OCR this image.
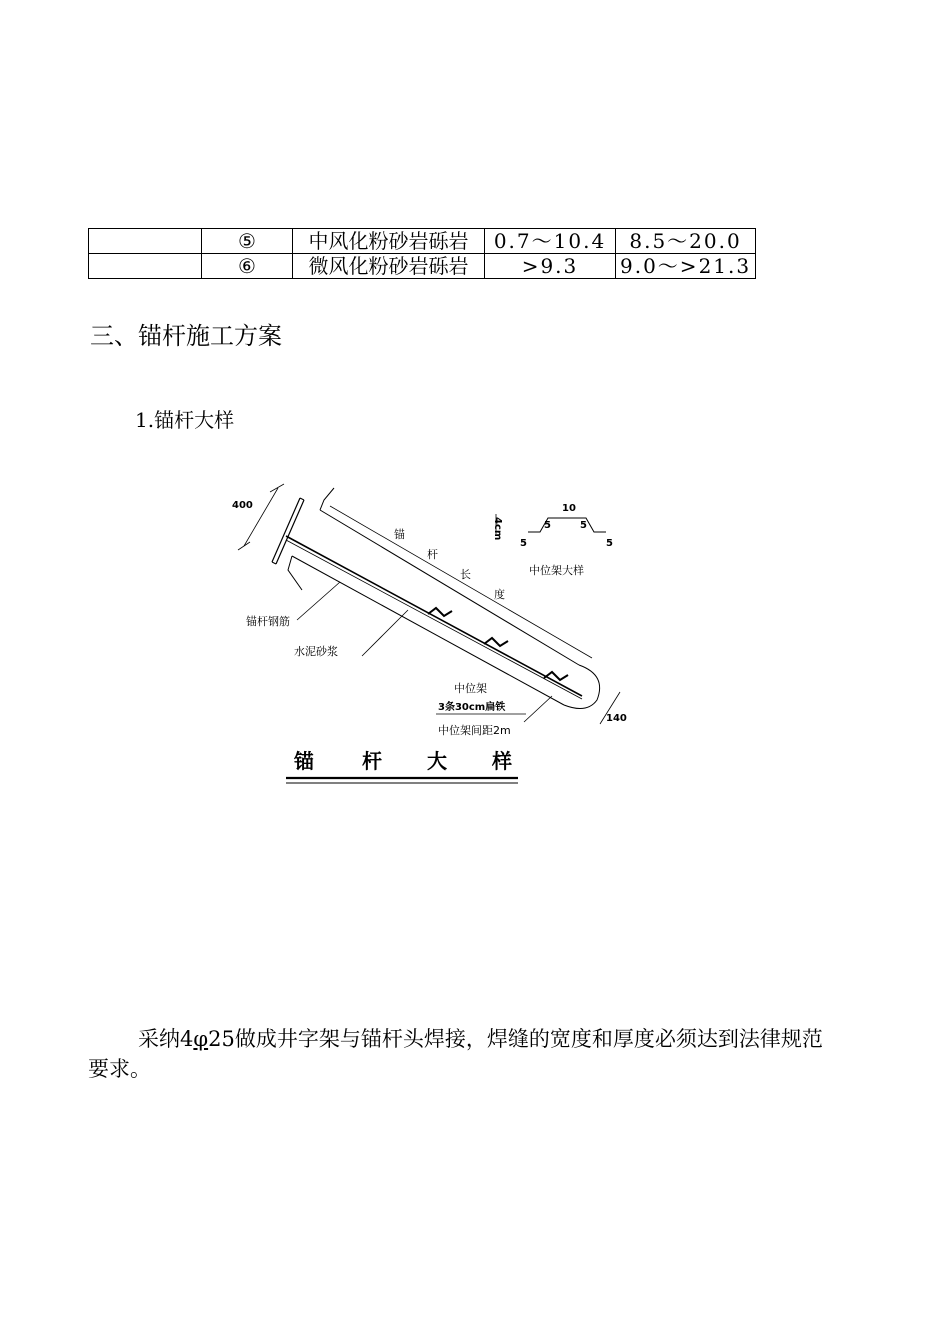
	⑤	中风化粉砂岩砾岩	0.7～10.4	8.5～20.0
	⑥	微风化粉砂岩砾岩	>9.3	9.0～>21.3
三、锚杆施工方案
1.锚杆大样
400
锚
杆
长
度
锚杆钢筋
水泥砂浆
中位架
3条30cm扁铁
中位架间距2m
140
4cm
10
5	5
5	5
中位架大样
锚 杆 大 样

采纳4φ25做成井字架与锚杆头焊接，焊缝的宽度和厚度必须达到法律规范要求。
